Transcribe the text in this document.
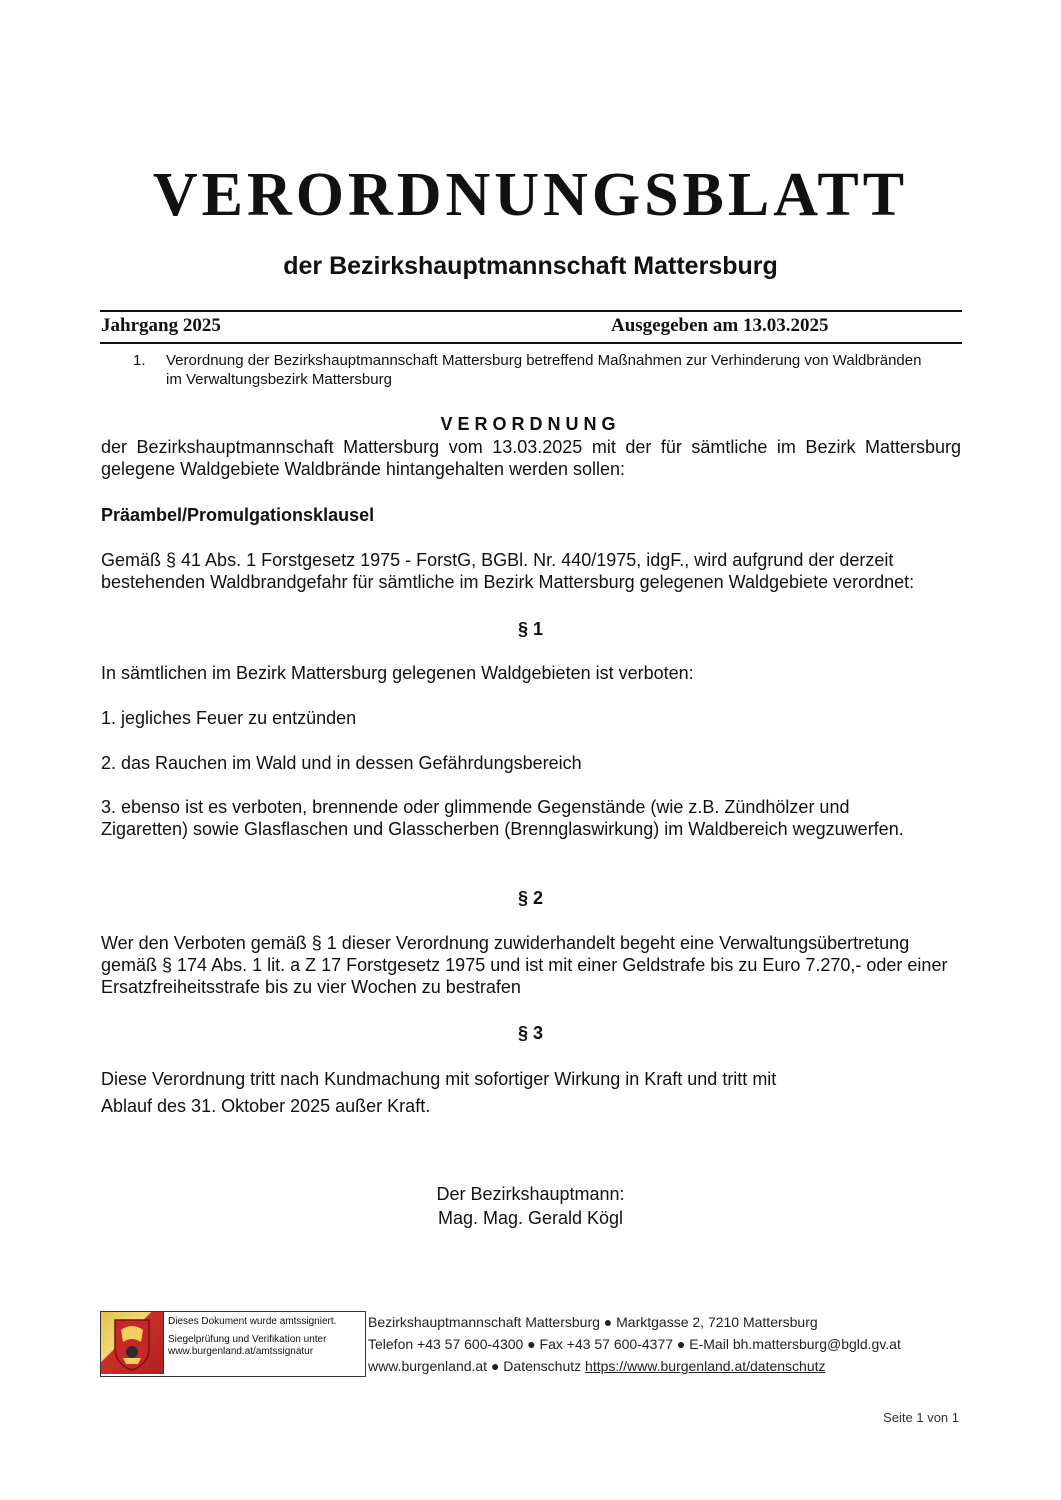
VERORDNUNGSBLATT
der Bezirkshauptmannschaft Mattersburg
Jahrgang 2025	Ausgegeben am 13.03.2025
1. Verordnung der Bezirkshauptmannschaft Mattersburg betreffend Maßnahmen zur Verhinderung von Waldbränden im Verwaltungsbezirk Mattersburg
VERORDNUNG
der Bezirkshauptmannschaft Mattersburg vom 13.03.2025 mit der für sämtliche im Bezirk Mattersburg gelegene Waldgebiete Waldbrände hintangehalten werden sollen:
Präambel/Promulgationsklausel
Gemäß § 41 Abs. 1 Forstgesetz 1975 - ForstG, BGBl. Nr. 440/1975, idgF., wird aufgrund der derzeit bestehenden Waldbrandgefahr für sämtliche im Bezirk Mattersburg gelegenen Waldgebiete verordnet:
§ 1
In sämtlichen im Bezirk Mattersburg gelegenen Waldgebieten ist verboten:
1. jegliches Feuer zu entzünden
2. das Rauchen im Wald und in dessen Gefährdungsbereich
3. ebenso ist es verboten, brennende oder glimmende Gegenstände (wie z.B. Zündhölzer und Zigaretten) sowie Glasflaschen und Glasscherben (Brennglaswirkung) im Waldbereich wegzuwerfen.
§ 2
Wer den Verboten gemäß § 1 dieser Verordnung zuwiderhandelt begeht eine Verwaltungsübertretung gemäß § 174 Abs. 1 lit. a Z 17 Forstgesetz 1975 und ist mit einer Geldstrafe bis zu Euro 7.270,- oder einer Ersatzfreiheitsstrafe bis zu vier Wochen zu bestrafen
§ 3
Diese Verordnung tritt nach Kundmachung mit sofortiger Wirkung in Kraft und tritt mit
Ablauf des 31. Oktober 2025 außer Kraft.
Der Bezirkshauptmann:
Mag. Mag. Gerald Kögl
Dieses Dokument wurde amtssigniert.
Siegelprüfung und Verifikation unter
www.burgenland.at/amtssignatur
Bezirkshauptmannschaft Mattersburg ● Marktgasse 2, 7210 Mattersburg
Telefon +43 57 600-4300 ● Fax +43 57 600-4377 ● E-Mail bh.mattersburg@bgld.gv.at
www.burgenland.at ● Datenschutz https://www.burgenland.at/datenschutz
Seite 1 von 1
